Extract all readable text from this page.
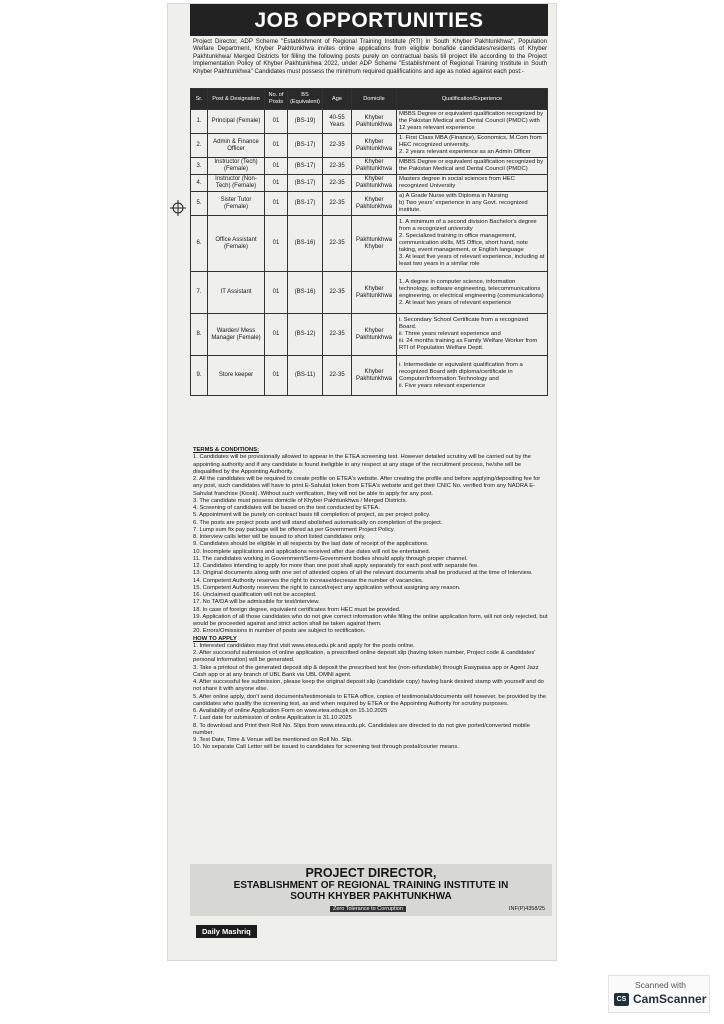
JOB OPPORTUNITIES
Project Director, ADP Scheme "Establishment of Regional Training Institute (RTI) in South Khyber Pakhtunkhwa", Population Welfare Department, Khyber Pakhtunkhwa invites online applications from eligible bonafide candidates/residents of Khyber Pakhtunkhwa/ Merged Districts for filling the following posts purely on contractual basis till project life according to the Project Implementation Policy of Khyber Pakhtunkhwa 2022, under ADP Scheme "Establishment of Regional Training Institute in South Khyber Pakhtunkhwa" Candidates must possess the minimum required qualifications and age as noted against each post:-
Sr.	Post & Designation	No. of Posts	BS (Equivalent)	Age	Domicile	Qualification/Experience
1.	Principal (Female)	01	(BS-19)	40-55 Years	Khyber Pakhtunkhwa	MBBS Degree or equivalent qualification recognized by the Pakistan Medical and Dental Council (PMDC) with 12 years relevant experience

2.	Admin & Finance Officer	01	(BS-17)	22-35	Khyber Pakhtunkhwa	1. First Class MBA (Finance), Economics, M.Com from HEC recognized university.
2. 2 years relevant experience as an Admin Officer

3.	Instructor (Tech) (Female)	01	(BS-17)	22-35	Khyber Pakhtunkhwa	MBBS Degree or equivalent qualification recognized by the Pakistan Medical and Dental Council (PMDC)

4.	Instructor (Non-Tech) (Female)	01	(BS-17)	22-35	Khyber Pakhtunkhwa	Masters degree in social sciences from HEC recognized University

5.	Sister Tutor (Female)	01	(BS-17)	22-35	Khyber Pakhtunkhwa	a) A Grade Nurse with Diploma in Nursing
b) Two years' experience in any Govt. recognized institute.

6.	Office Assistant (Female)	01	(BS-16)	22-35	Pakhtunkhwa Khyber	1. A minimum of a second division Bachelor's degree from a recognized university
2. Specialized training in office management, communication skills, MS Office, short hand, note taking, event management, or English language
3. At least five years of relevant experience, including at least two years in a similar role

7.	IT Assistant	01	(BS-16)	22-35	Khyber Pakhtunkhwa	1. A degree in computer science, information technology, software engineering, telecommunications engineering, or electrical engineering (communications)
2. At least two years of relevant experience

8.	Warden/ Mess Manager (Female)	01	(BS-12)	22-35	Khyber Pakhtunkhwa	i. Secondary School Certificate from a recognized Board.
ii. Three years relevant experience and
iii. 24 months training as Family Welfare Worker from RTI of Population Welfare Deptt.

9.	Store keeper	01	(BS-11)	22-35	Khyber Pakhtunkhwa	i. Intermediate or equivalent qualification from a recognized Board with diploma/certificate in Computer/Information Technology and
ii. Five years relevant experience
TERMS & CONDITIONS:
1. Candidates will be provisionally allowed to appear in the ETEA screening test. However detailed scrutiny will be carried out by the appointing authority and if any candidate is found ineligible in any respect at any stage of the recruitment process, he/she will be disqualified by the Appointing Authority.
2. All the candidates will be required to create profile on ETEA's website. After creating the profile and before applying/depositing fee for any post, such candidates will have to print E-Sahulat token from ETEA's website and get their CNIC No. verified from any NADRA E-Sahulat franchise (Kiosk). Without such verification, they will not be able to apply for any post.
3. The candidate must possess domicile of Khyber Pakhtunkhwa / Merged Districts.
4. Screening of candidates will be based on the test conducted by ETEA.
5. Appointment will be purely on contract basis till completion of project, as per project policy.
6. The posts are project posts and will stand abolished automatically on completion of the project.
7. Lump sum fix pay package will be offered as per Government Project Policy.
8. Interview calls letter will be issued to short listed candidates only.
9. Candidates should be eligible in all respects by the last date of receipt of the applications.
10. Incomplete applications and applications received after due dates will not be entertained.
11. The candidates working in Government/Semi-Government bodies should apply through proper channel.
12. Candidates intending to apply for more than one post shall apply separately for each post with separate fee.
13. Original documents along with one set of attested copies of all the relevant documents shall be produced at the time of Interview.
14. Competent Authority reserves the right to increase/decrease the number of vacancies.
15. Competent Authority reserves the right to cancel/reject any application without assigning any reason.
16. Unclaimed qualification will not be accepted.
17. No TA/DA will be admissible for test/interview.
18. In case of foreign degree, equivalent certificates from HEC must be provided.
19. Application of all those candidates who do not give correct information while filling the online application form, will not only rejected, but would be proceeded against and strict action shall be taken against them.
20. Errors/Omissions in number of posts are subject to rectification.
HOW TO APPLY
1. Interested candidates may first visit www.etea.edu.pk and apply for the posts online.
2. After successful submission of online application, a prescribed online deposit slip (having token number, Project code & candidates' personal information) will be generated.
3. Take a printout of the generated deposit slip & deposit the prescribed test fee (non-refundable) through Easypaisa app or Agent Jazz Cash app or at any branch of UBL Bank via UBL OMNI agent.
4. After successful fee submission, please keep the original deposit slip (candidate copy) having bank desired stamp with yourself and do not share it with anyone else.
5. After online apply, don't send documents/testimonials to ETEA office, copies of testimonials/documents will however, be provided by the candidates who qualify the screening test, as and when required by ETEA or the Appointing Authority for scrutiny purposes.
6. Availability of online Application Form on www.etea.edu.pk on 15.10.2025
7. Last date for submission of online Application is 31.10.2025
8. To download and Print their Roll No. Slips from www.etea.edu.pk. Candidates are directed to do not give ported/converted mobile number.
9. Test Date, Time & Venue will be mentioned on Roll No. Slip.
10. No separate Call Letter will be issued to candidates for screening test through postal/courier means.
PROJECT DIRECTOR,
ESTABLISHMENT OF REGIONAL TRAINING INSTITUTE IN
SOUTH KHYBER PAKHTUNKHWA
Zero Tolerance to Corruption	INF(P)4358/25
Daily Mashriq
Scanned with
CS CamScanner
